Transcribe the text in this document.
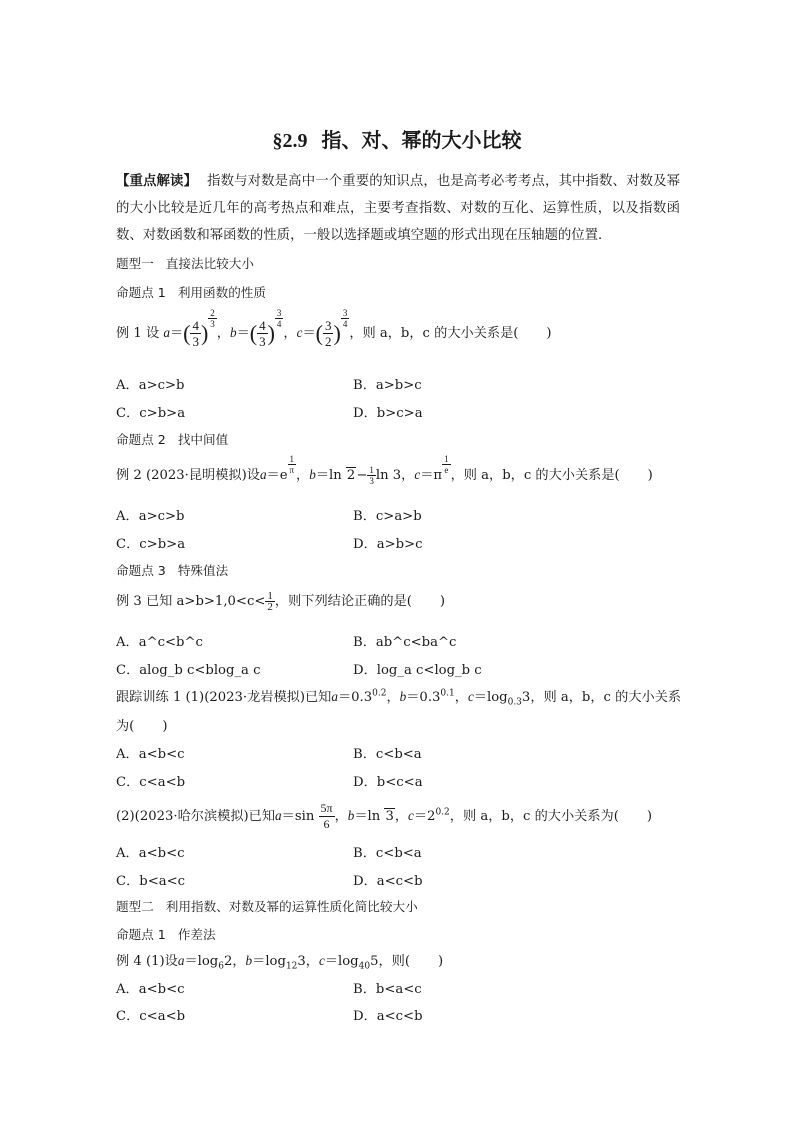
§2.9 指、对、幂的大小比较
【重点解读】 指数与对数是高中一个重要的知识点，也是高考必考考点，其中指数、对数及幂的大小比较是近几年的高考热点和难点，主要考查指数、对数的互化、运算性质，以及指数函数、对数函数和幂函数的性质，一般以选择题或填空题的形式出现在压轴题的位置．
题型一 直接法比较大小
命题点 1 利用函数的性质
例 1 设 $a=( \frac{4}{3}$ )
$\frac{2}{3}$
，$b=( \frac{4}{3}$ )
$\frac{3}{4}$
，$c=( \frac{3}{2}$ )
$\frac{3}{4}$
，则 a，b，c 的大小关系是( )
A．a>c>b	B．a>b>c
C．c>b>a	D．b>c>a
命题点 2 找中间值
例 2 (2023·昆明模拟)设a＝e
$\frac{1}{\pi}$
，b＝ln $2- \frac{1}{3}$ ln 3，c＝π
$\frac{1}{e}$
，则 a，b，c 的大小关系是( )
A．a>c>b	B．c>a>b
C．c>b>a	D．a>b>c
命题点 3 特殊值法
例 3 已知 $a>b>1,0<c< \frac{1}{2}$ ，则下列结论正确的是( )
A．a^c<b^c	B．ab^c<ba^c
C．alog_b c<blog_a c	D．log_a c<log_b c
跟踪训练 1 (1)(2023·龙岩模拟)已知$a=0.3^{0.2}$，$b=0.3^{0.1}$，$c=\log_{0.3}3$，则 a，b，c 的大小关系
为( )
A．a<b<c	B．c<b<a
C．c<a<b	D．b<c<a
(2)(2023·哈尔滨模拟)已知$a=\sin \frac{5\pi}{6}$ ，b＝ln 3，$c=2^{0.2}$，则 a，b，c 的大小关系为( )
A．a<b<c	B．c<b<a
C．b<a<c	D．a<c<b
题型二 利用指数、对数及幂的运算性质化简比较大小
命题点 1 作差法
例 4 (1)设$a=\log_62$，$b=\log_{12}3$，$c=\log_{40}5$，则( )
A．a<b<c	B．b<a<c
C．c<a<b	D．a<c<b
